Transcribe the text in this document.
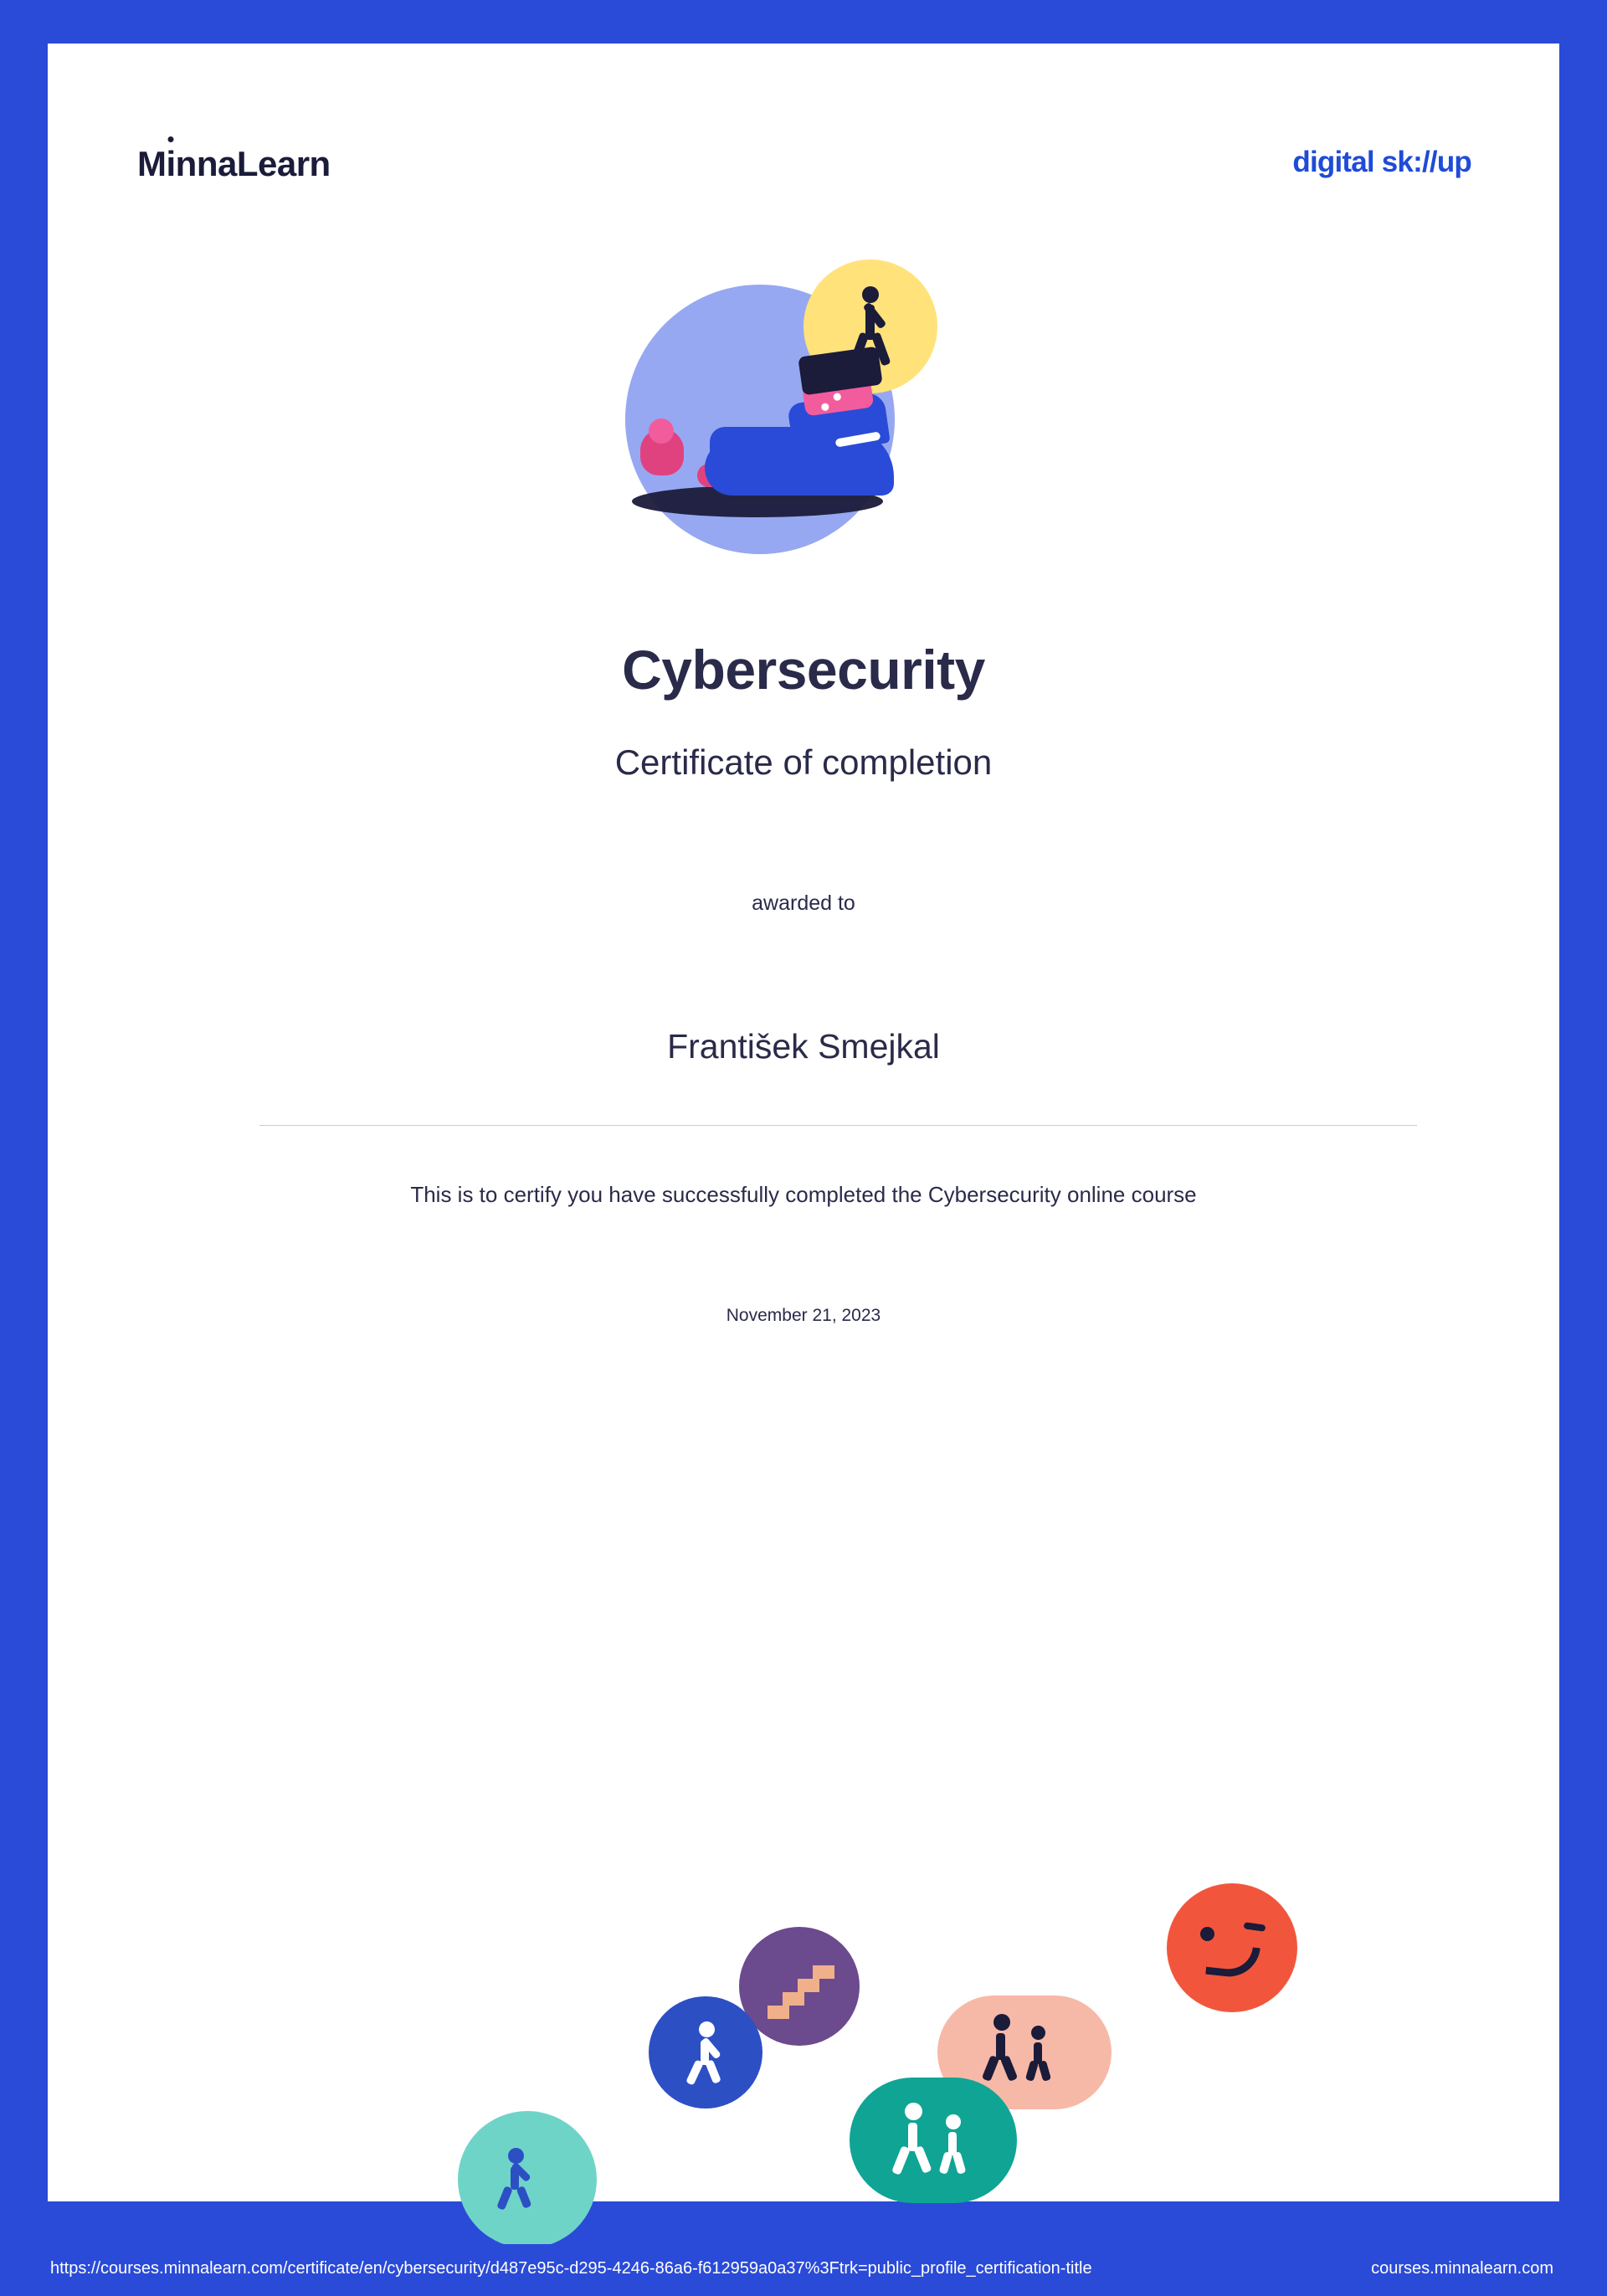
MinnaLearn	digital sk://up
Cybersecurity
Certificate of completion
awarded to
František Smejkal
This is to certify you have successfully completed the Cybersecurity online course
November 21, 2023
https://courses.minnalearn.com/certificate/en/cybersecurity/d487e95c-d295-4246-86a6-f612959a0a37%3Ftrk=public_profile_certification-title	courses.minnalearn.com
